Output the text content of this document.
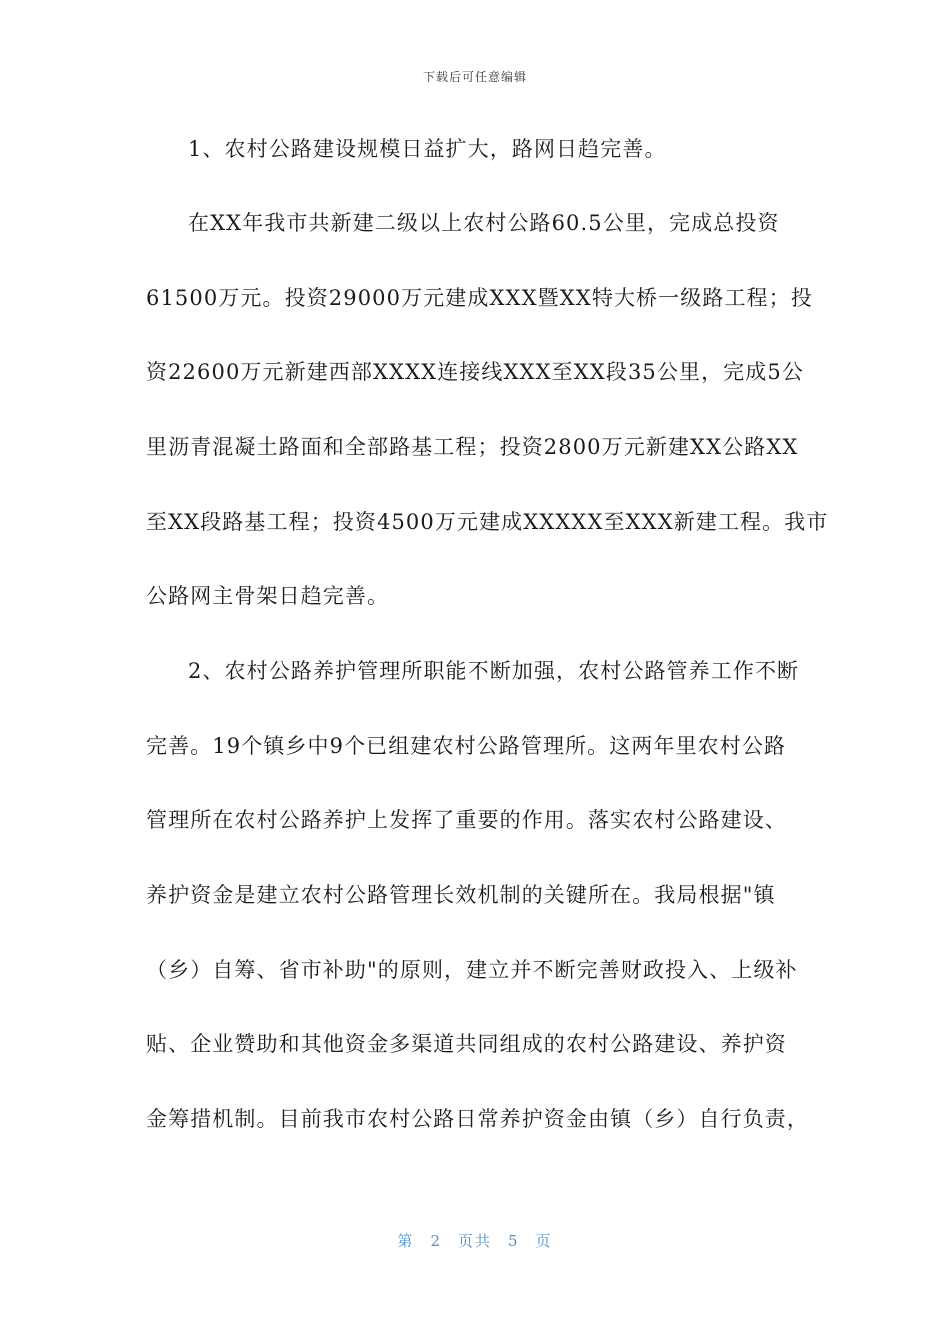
下载后可任意编辑
1、农村公路建设规模日益扩大，路网日趋完善。
在XX年我市共新建二级以上农村公路60.5公里，完成总投资
61500万元。投资29000万元建成XXX暨XX特大桥一级路工程；投
资22600万元新建西部XXXX连接线XXX至XX段35公里，完成5公
里沥青混凝土路面和全部路基工程；投资2800万元新建XX公路XX
至XX段路基工程；投资4500万元建成XXXXX至XXX新建工程。我市
公路网主骨架日趋完善。
2、农村公路养护管理所职能不断加强，农村公路管养工作不断
完善。19个镇乡中9个已组建农村公路管理所。这两年里农村公路
管理所在农村公路养护上发挥了重要的作用。落实农村公路建设、
养护资金是建立农村公路管理长效机制的关键所在。我局根据"镇
（乡）自筹、省市补助"的原则，建立并不断完善财政投入、上级补
贴、企业赞助和其他资金多渠道共同组成的农村公路建设、养护资
金筹措机制。目前我市农村公路日常养护资金由镇（乡）自行负责，
第 2 页共 5 页
